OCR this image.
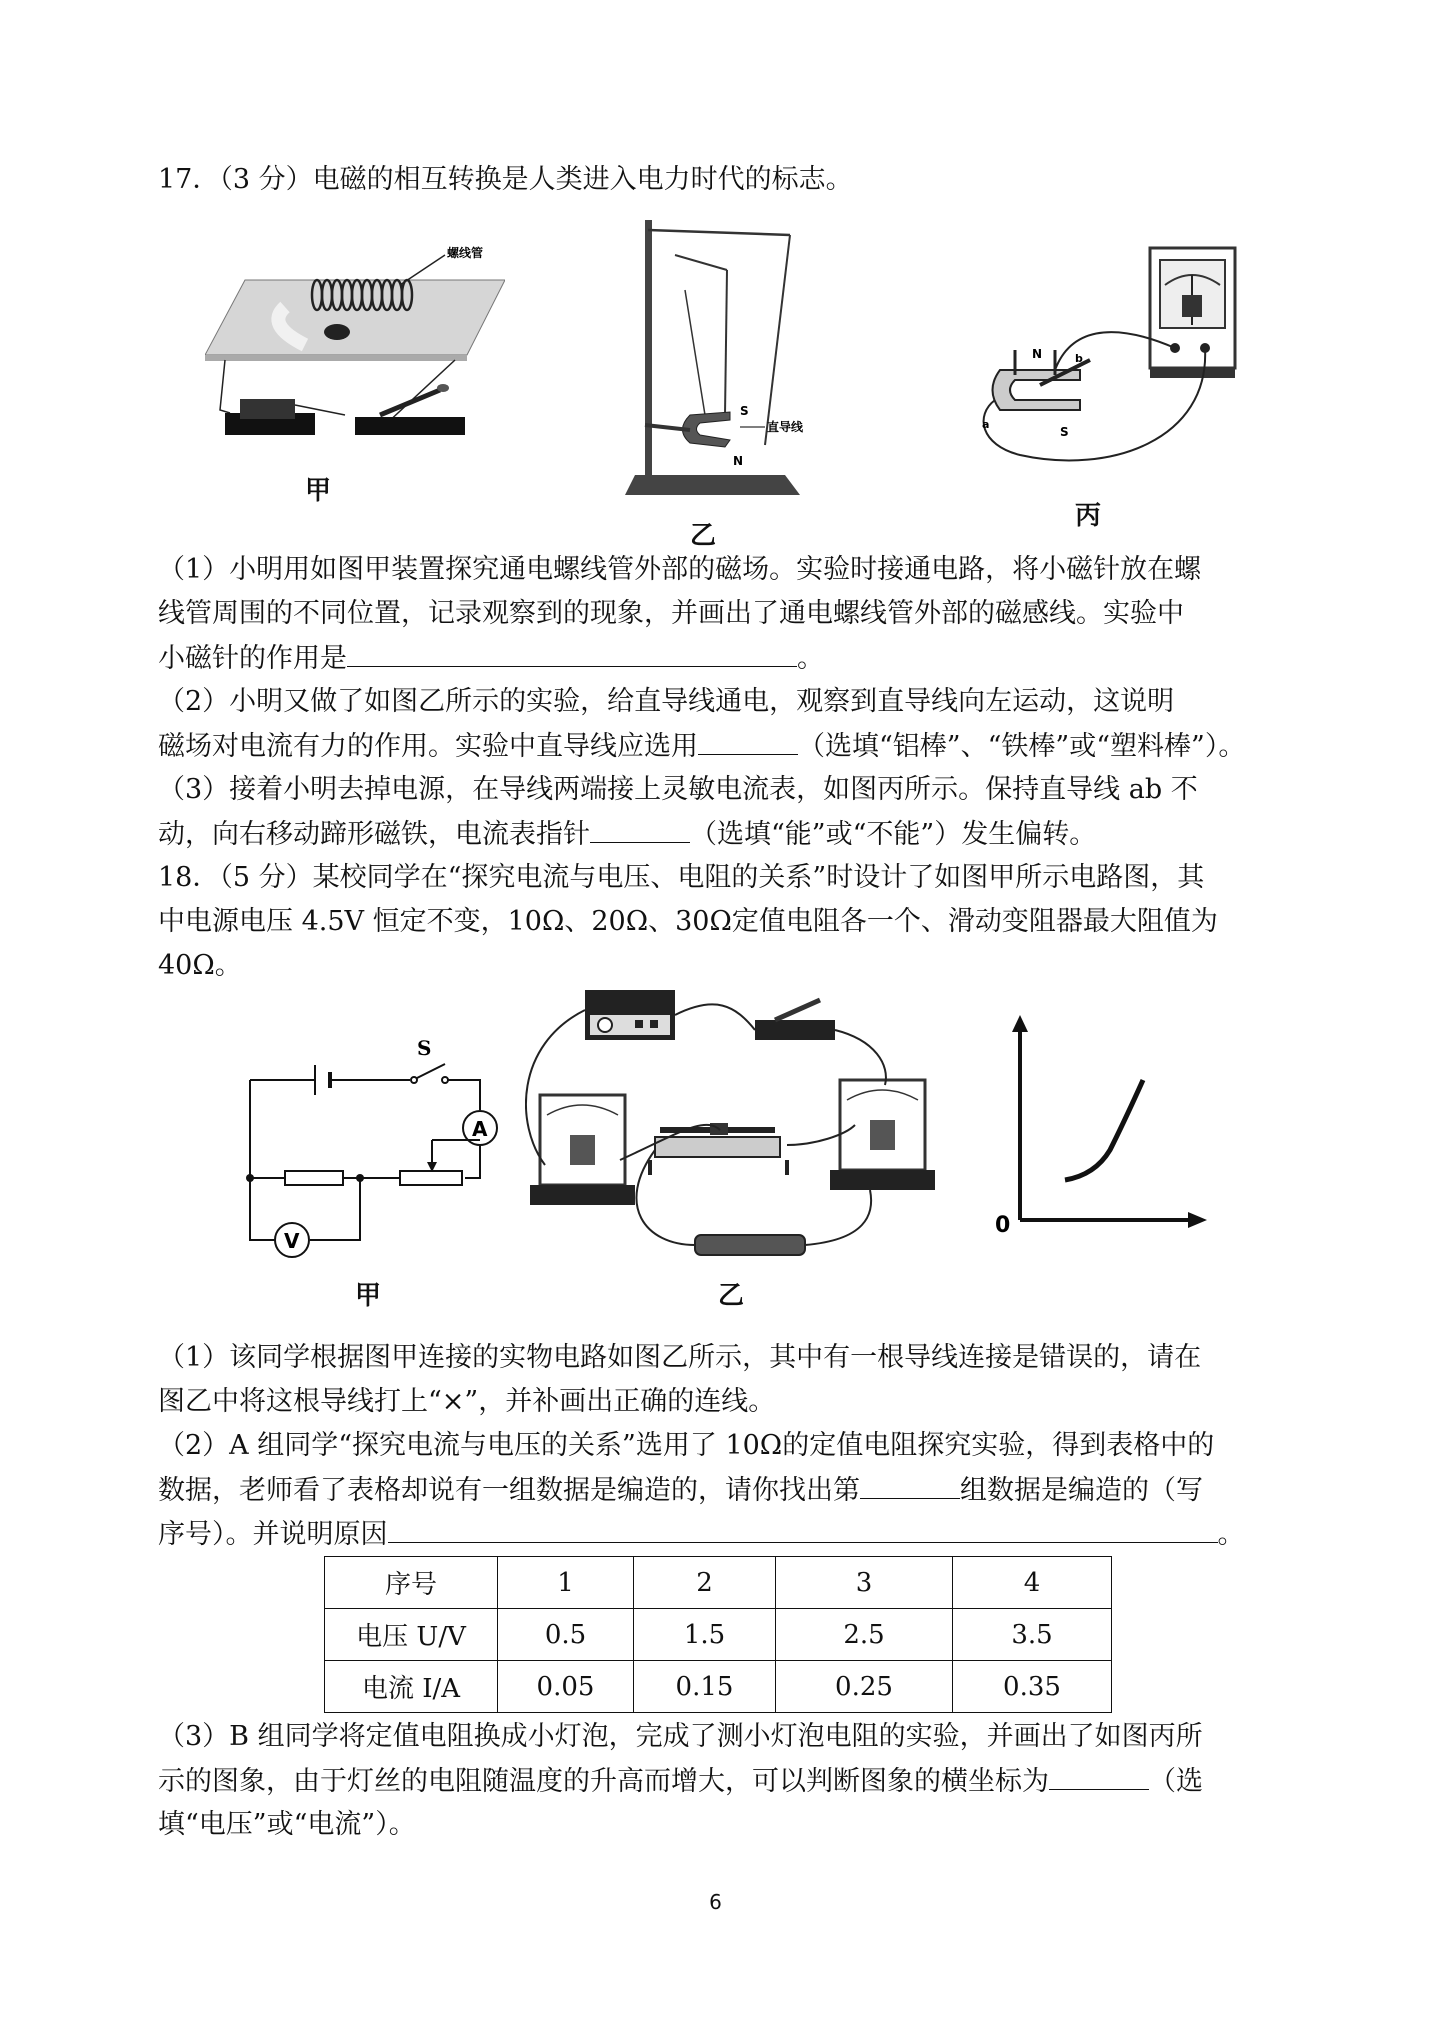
17．（3 分）电磁的相互转换是人类进入电力时代的标志。
螺线管
甲
S
N
直导线
乙
N
S
b
a
丙
（1）小明用如图甲装置探究通电螺线管外部的磁场。实验时接通电路，将小磁针放在螺
线管周围的不同位置，记录观察到的现象，并画出了通电螺线管外部的磁感线。实验中
小磁针的作用是	。
（2）小明又做了如图乙所示的实验，给直导线通电，观察到直导线向左运动，这说明
磁场对电流有力的作用。实验中直导线应选用	（选填“铝棒”、“铁棒”或“塑料棒”）。
（3）接着小明去掉电源，在导线两端接上灵敏电流表，如图丙所示。保持直导线 ab 不
动，向右移动蹄形磁铁，电流表指针	（选填“能”或“不能”）发生偏转。
18．（5 分）某校同学在“探究电流与电压、电阻的关系”时设计了如图甲所示电路图，其
中电源电压 4.5V 恒定不变，10Ω、20Ω、30Ω定值电阻各一个、滑动变阻器最大阻值为
40Ω。
S
A
V
甲	乙
0
（1）该同学根据图甲连接的实物电路如图乙所示，其中有一根导线连接是错误的，请在
图乙中将这根导线打上“×”，并补画出正确的连线。
（2）A 组同学“探究电流与电压的关系”选用了 10Ω的定值电阻探究实验，得到表格中的
数据，老师看了表格却说有一组数据是编造的，请你找出第	组数据是编造的（写
序号）。并说明原因	。
序号	1	2	3	4
电压 U/V	0.5	1.5	2.5	3.5
电流 I/A	0.05	0.15	0.25	0.35
（3）B 组同学将定值电阻换成小灯泡，完成了测小灯泡电阻的实验，并画出了如图丙所
示的图象，由于灯丝的电阻随温度的升高而增大，可以判断图象的横坐标为	（选
填“电压”或“电流”）。
6
